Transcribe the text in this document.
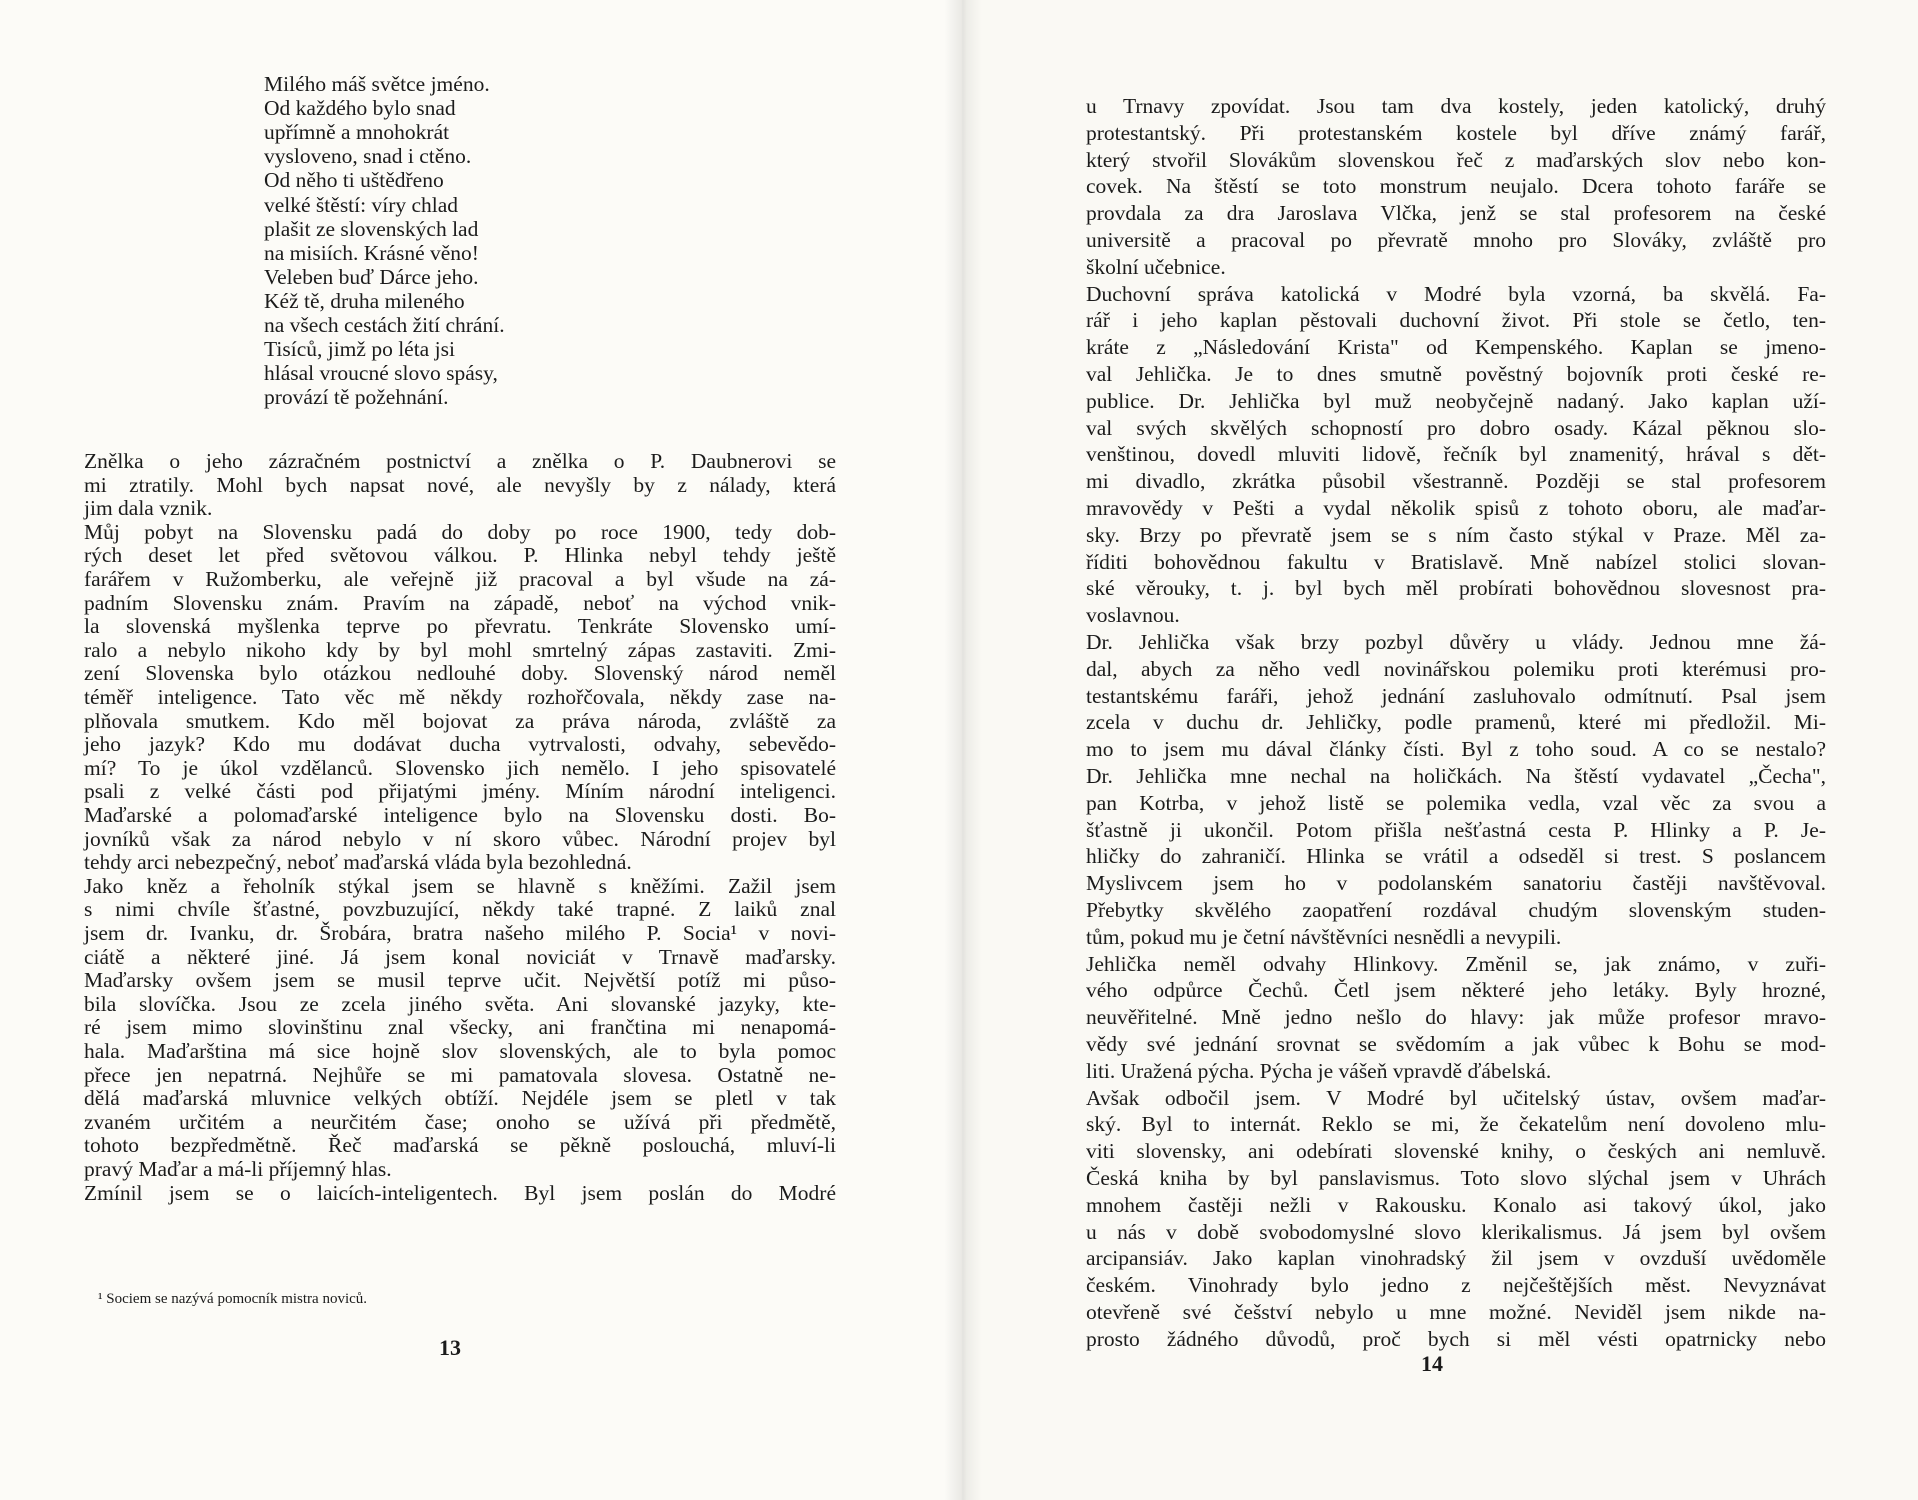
Milého máš světce jméno.
Od každého bylo snad
upřímně a mnohokrát
vysloveno, snad i ctěno.
Od něho ti uštědřeno
velké štěstí: víry chlad
plašit ze slovenských lad
na misiích. Krásné věno!
Veleben buď Dárce jeho.
Kéž tě, druha mileného
na všech cestách žití chrání.
Tisíců, jimž po léta jsi
hlásal vroucné slovo spásy,
provází tě požehnání.
Znělka o jeho zázračném postnictví a znělka o P. Daubnerovi se
mi ztratily. Mohl bych napsat nové, ale nevyšly by z nálady, která
jim dala vznik.
Můj pobyt na Slovensku padá do doby po roce 1900, tedy dob-
rých deset let před světovou válkou. P. Hlinka nebyl tehdy ještě
farářem v Ružomberku, ale veřejně již pracoval a byl všude na zá-
padním Slovensku znám. Pravím na západě, neboť na východ vnik-
la slovenská myšlenka teprve po převratu. Tenkráte Slovensko umí-
ralo a nebylo nikoho kdy by byl mohl smrtelný zápas zastaviti. Zmi-
zení Slovenska bylo otázkou nedlouhé doby. Slovenský národ neměl
téměř inteligence. Tato věc mě někdy rozhořčovala, někdy zase na-
plňovala smutkem. Kdo měl bojovat za práva národa, zvláště za
jeho jazyk? Kdo mu dodávat ducha vytrvalosti, odvahy, sebevědo-
mí? To je úkol vzdělanců. Slovensko jich nemělo. I jeho spisovatelé
psali z velké části pod přijatými jmény. Míním národní inteligenci.
Maďarské a polomaďarské inteligence bylo na Slovensku dosti. Bo-
jovníků však za národ nebylo v ní skoro vůbec. Národní projev byl
tehdy arci nebezpečný, neboť maďarská vláda byla bezohledná.
Jako kněz a řeholník stýkal jsem se hlavně s kněžími. Zažil jsem
s nimi chvíle šťastné, povzbuzující, někdy také trapné. Z laiků znal
jsem dr. Ivanku, dr. Šrobára, bratra našeho milého P. Socia¹ v novi-
ciátě a některé jiné. Já jsem konal noviciát v Trnavě maďarsky.
Maďarsky ovšem jsem se musil teprve učit. Největší potíž mi půso-
bila slovíčka. Jsou ze zcela jiného světa. Ani slovanské jazyky, kte-
ré jsem mimo slovinštinu znal všecky, ani frančtina mi nenapomá-
hala. Maďarština má sice hojně slov slovenských, ale to byla pomoc
přece jen nepatrná. Nejhůře se mi pamatovala slovesa. Ostatně ne-
dělá maďarská mluvnice velkých obtíží. Nejdéle jsem se pletl v tak
zvaném určitém a neurčitém čase; onoho se užívá při předmětě,
tohoto bezpředmětně. Řeč maďarská se pěkně poslouchá, mluví-li
pravý Maďar a má-li příjemný hlas.
Zmínil jsem se o laicích-inteligentech. Byl jsem poslán do Modré
¹ Sociem se nazývá pomocník mistra noviců.
13
u Trnavy zpovídat. Jsou tam dva kostely, jeden katolický, druhý
protestantský. Při protestanském kostele byl dříve známý farář,
který stvořil Slovákům slovenskou řeč z maďarských slov nebo kon-
covek. Na štěstí se toto monstrum neujalo. Dcera tohoto faráře se
provdala za dra Jaroslava Vlčka, jenž se stal profesorem na české
universitě a pracoval po převratě mnoho pro Slováky, zvláště pro
školní učebnice.
Duchovní správa katolická v Modré byla vzorná, ba skvělá. Fa-
rář i jeho kaplan pěstovali duchovní život. Při stole se četlo, ten-
kráte z „Následování Krista" od Kempenského. Kaplan se jmeno-
val Jehlička. Je to dnes smutně pověstný bojovník proti české re-
publice. Dr. Jehlička byl muž neobyčejně nadaný. Jako kaplan uží-
val svých skvělých schopností pro dobro osady. Kázal pěknou slo-
venštinou, dovedl mluviti lidově, řečník byl znamenitý, hrával s dět-
mi divadlo, zkrátka působil všestranně. Později se stal profesorem
mravovědy v Pešti a vydal několik spisů z tohoto oboru, ale maďar-
sky. Brzy po převratě jsem se s ním často stýkal v Praze. Měl za-
říditi bohovědnou fakultu v Bratislavě. Mně nabízel stolici slovan-
ské věrouky, t. j. byl bych měl probírati bohovědnou slovesnost pra-
voslavnou.
Dr. Jehlička však brzy pozbyl důvěry u vlády. Jednou mne žá-
dal, abych za něho vedl novinářskou polemiku proti kterémusi pro-
testantskému faráři, jehož jednání zasluhovalo odmítnutí. Psal jsem
zcela v duchu dr. Jehličky, podle pramenů, které mi předložil. Mi-
mo to jsem mu dával články čísti. Byl z toho soud. A co se nestalo?
Dr. Jehlička mne nechal na holičkách. Na štěstí vydavatel „Čecha",
pan Kotrba, v jehož listě se polemika vedla, vzal věc za svou a
šťastně ji ukončil. Potom přišla nešťastná cesta P. Hlinky a P. Je-
hličky do zahraničí. Hlinka se vrátil a odseděl si trest. S poslancem
Myslivcem jsem ho v podolanském sanatoriu častěji navštěvoval.
Přebytky skvělého zaopatření rozdával chudým slovenským studen-
tům, pokud mu je četní návštěvníci nesnědli a nevypili.
Jehlička neměl odvahy Hlinkovy. Změnil se, jak známo, v zuři-
vého odpůrce Čechů. Četl jsem některé jeho letáky. Byly hrozné,
neuvěřitelné. Mně jedno nešlo do hlavy: jak může profesor mravo-
vědy své jednání srovnat se svědomím a jak vůbec k Bohu se mod-
liti. Uražená pýcha. Pýcha je vášeň vpravdě ďábelská.
Avšak odbočil jsem. V Modré byl učitelský ústav, ovšem maďar-
ský. Byl to internát. Reklo se mi, že čekatelům není dovoleno mlu-
viti slovensky, ani odebírati slovenské knihy, o českých ani nemluvě.
Česká kniha by byl panslavismus. Toto slovo slýchal jsem v Uhrách
mnohem častěji nežli v Rakousku. Konalo asi takový úkol, jako
u nás v době svobodomyslné slovo klerikalismus. Já jsem byl ovšem
arcipansiáv. Jako kaplan vinohradský žil jsem v ovzduší uvědoměle
českém. Vinohrady bylo jedno z nejčeštějších měst. Nevyznávat
otevřeně své češství nebylo u mne možné. Neviděl jsem nikde na-
prosto žádného důvodů, proč bych si měl vésti opatrnicky nebo
14
